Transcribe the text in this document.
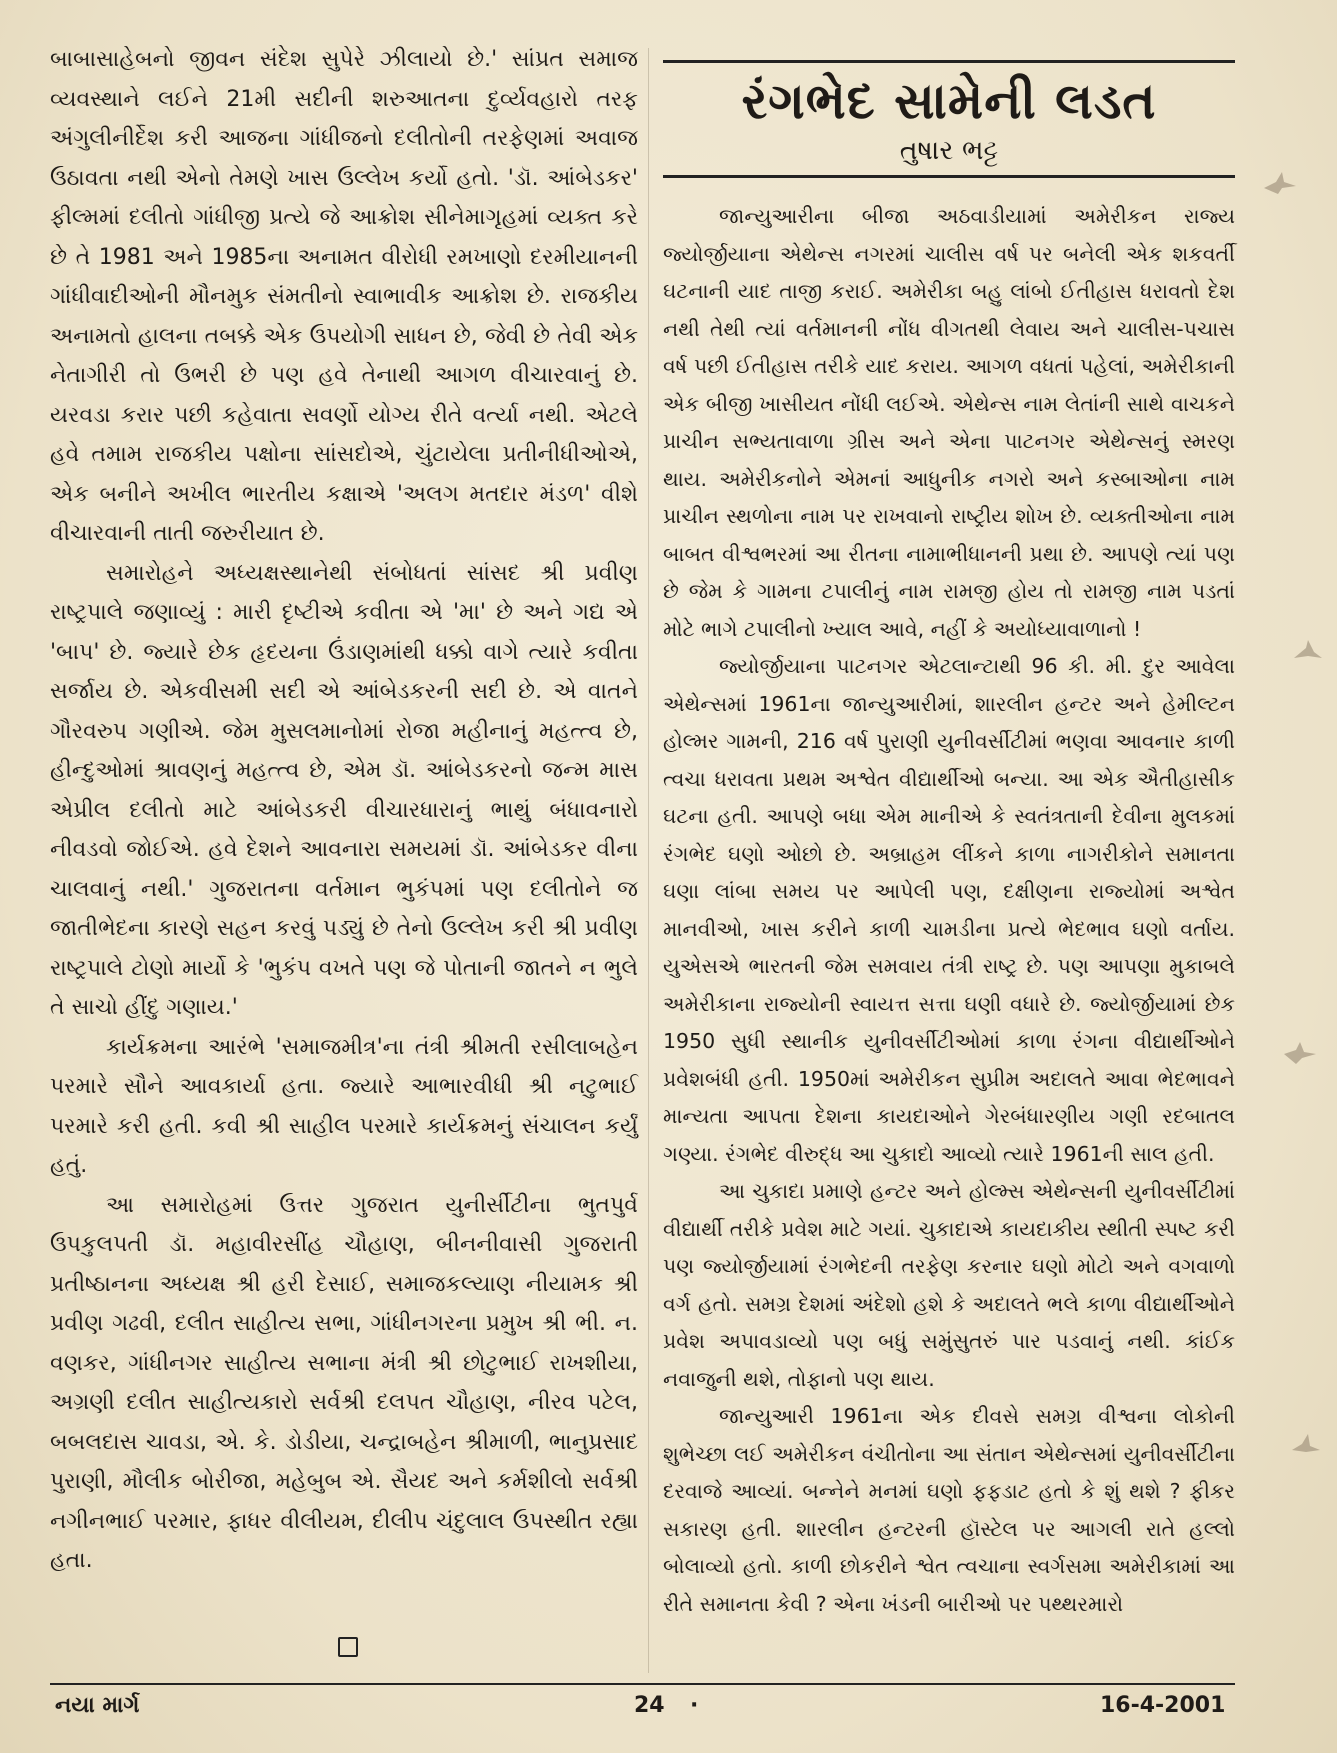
બાબાસાહેબનો જીવન સંદેશ સુપેરે ઝીલાયો છે.' સાંપ્રત સમાજ વ્યવસ્થાને લઈને 21મી સદીની શરુઆતના દુર્વ્યવહારો તરફ અંગુલીનીર્દેશ કરી આજના ગાંધીજનો દલીતોની તરફેણમાં અવાજ ઉઠાવતા નથી એનો તેમણે ખાસ ઉલ્લેખ કર્યો હતો. 'ડૉ. આંબેડકર' ફીલ્મમાં દલીતો ગાંધીજી પ્રત્યે જે આક્રોશ સીનેમાગૃહમાં વ્યક્ત કરે છે તે 1981 અને 1985ના અનામત વીરોધી રમખાણો દરમીયાનની ગાંધીવાદીઓની મૌનમુક સંમતીનો સ્વાભાવીક આક્રોશ છે. રાજકીય અનામતો હાલના તબક્કે એક ઉપયોગી સાધન છે, જેવી છે તેવી એક નેતાગીરી તો ઉભરી છે પણ હવે તેનાથી આગળ વીચારવાનું છે. યરવડા કરાર પછી કહેવાતા સવર્ણો યોગ્ય રીતે વર્ત્યા નથી. એટલે હવે તમામ રાજકીય પક્ષોના સાંસદોએ, ચુંટાયેલા પ્રતીનીધીઓએ, એક બનીને અખીલ ભારતીય કક્ષાએ 'અલગ મતદાર મંડળ' વીશે વીચારવાની તાતી જરુરીયાત છે.

સમારોહને અધ્યક્ષસ્થાનેથી સંબોધતાં સાંસદ શ્રી પ્રવીણ રાષ્ટ્રપાલે જણાવ્યું : મારી દૃષ્ટીએ કવીતા એ 'મા' છે અને ગદ્ય એ 'બાપ' છે. જ્યારે છેક હૃદયના ઉંડાણમાંથી ધક્કો વાગે ત્યારે કવીતા સર્જાય છે. એકવીસમી સદી એ આંબેડકરની સદી છે. એ વાતને ગૌરવરુપ ગણીએ. જેમ મુસલમાનોમાં રોજા મહીનાનું મહત્ત્વ છે, હીન્દુઓમાં શ્રાવણનું મહત્ત્વ છે, એમ ડૉ. આંબેડકરનો જન્મ માસ એપ્રીલ દલીતો માટે આંબેડકરી વીચારધારાનું ભાથું બંધાવનારો નીવડવો જોઈએ. હવે દેશને આવનારા સમયમાં ડૉ. આંબેડકર વીના ચાલવાનું નથી.' ગુજરાતના વર્તમાન ભુકંપમાં પણ દલીતોને જ જાતીભેદના કારણે સહન કરવું પડ્યું છે તેનો ઉલ્લેખ કરી શ્રી પ્રવીણ રાષ્ટ્રપાલે ટોણો માર્યો કે 'ભુકંપ વખતે પણ જે પોતાની જાતને ન ભુલે તે સાચો હીંદુ ગણાય.'

કાર્યક્રમના આરંભે 'સમાજમીત્ર'ના તંત્રી શ્રીમતી રસીલાબહેન પરમારે સૌને આવકાર્યા હતા. જ્યારે આભારવીધી શ્રી નટુભાઈ પરમારે કરી હતી. કવી શ્રી સાહીલ પરમારે કાર્યક્રમનું સંચાલન કર્યું હતું.

આ સમારોહમાં ઉત્તર ગુજરાત યુનીર્સીટીના ભુતપુર્વ ઉપકુલપતી ડૉ. મહાવીરસીંહ ચૌહાણ, બીનનીવાસી ગુજરાતી પ્રતીષ્ઠાનના અધ્યક્ષ શ્રી હરી દેસાઈ, સમાજકલ્યાણ નીયામક શ્રી પ્રવીણ ગઢવી, દલીત સાહીત્ય સભા, ગાંધીનગરના પ્રમુખ શ્રી ભી. ન. વણકર, ગાંધીનગર સાહીત્ય સભાના મંત્રી શ્રી છોટુભાઈ રાખશીયા, અગ્રણી દલીત સાહીત્યકારો સર્વશ્રી દલપત ચૌહાણ, નીરવ પટેલ, બબલદાસ ચાવડા, એ. કે. ડોડીયા, ચન્દ્રાબહેન શ્રીમાળી, ભાનુપ્રસાદ પુરાણી, મૌલીક બોરીજા, મહેબુબ એ. સૈયદ અને કર્મશીલો સર્વશ્રી નગીનભાઈ પરમાર, ફાધર વીલીયમ, દીલીપ ચંદુલાલ ઉપસ્થીત રહ્યા હતા.

રંગભેદ સામેની લડત
તુષાર ભટ્ટ

જાન્યુઆરીના બીજા અઠવાડીયામાં અમેરીકન રાજ્ય જ્યોર્જીયાના એથેન્સ નગરમાં ચાલીસ વર્ષ પર બનેલી એક શકવર્તી ઘટનાની યાદ તાજી કરાઈ. અમેરીકા બહુ લાંબો ઈતીહાસ ધરાવતો દેશ નથી તેથી ત્યાં વર્તમાનની નોંધ વીગતથી લેવાય અને ચાલીસ-પચાસ વર્ષ પછી ઈતીહાસ તરીકે યાદ કરાય. આગળ વધતાં પહેલાં, અમેરીકાની એક બીજી ખાસીયત નોંધી લઈએ. એથેન્સ નામ લેતાંની સાથે વાચકને પ્રાચીન સભ્યતાવાળા ગ્રીસ અને એના પાટનગર એથેન્સનું સ્મરણ થાય. અમેરીકનોને એમનાં આધુનીક નગરો અને કસ્બાઓના નામ પ્રાચીન સ્થળોના નામ પર રાખવાનો રાષ્ટ્રીય શોખ છે. વ્યક્તીઓના નામ બાબત વીશ્વભરમાં આ રીતના નામાભીધાનની પ્રથા છે. આપણે ત્યાં પણ છે જેમ કે ગામના ટપાલીનું નામ રામજી હોય તો રામજી નામ પડતાં મોટે ભાગે ટપાલીનો ખ્યાલ આવે, નહીં કે અયોધ્યાવાળાનો !

જ્યોર્જીયાના પાટનગર એટલાન્ટાથી 96 કી. મી. દુર આવેલા એથેન્સમાં 1961ના જાન્યુઆરીમાં, શારલીન હન્ટર અને હેમીલ્ટન હોલ્મર ગામની, 216 વર્ષ પુરાણી યુનીવર્સીટીમાં ભણવા આવનાર કાળી ત્વચા ધરાવતા પ્રથમ અશ્વેત વીદ્યાર્થીઓ બન્યા. આ એક ઐતીહાસીક ઘટના હતી. આપણે બધા એમ માનીએ કે સ્વતંત્રતાની દેવીના મુલકમાં રંગભેદ ઘણો ઓછો છે. અબ્રાહમ લીંકને કાળા નાગરીકોને સમાનતા ઘણા લાંબા સમય પર આપેલી પણ, દક્ષીણના રાજ્યોમાં અશ્વેત માનવીઓ, ખાસ કરીને કાળી ચામડીના પ્રત્યે ભેદભાવ ઘણો વર્તાય. યુએસએ ભારતની જેમ સમવાય તંત્રી રાષ્ટ્ર છે. પણ આપણા મુકાબલે અમેરીકાના રાજ્યોની સ્વાયત્ત સત્તા ઘણી વધારે છે. જ્યોર્જીયામાં છેક 1950 સુધી સ્થાનીક યુનીવર્સીટીઓમાં કાળા રંગના વીદ્યાર્થીઓને પ્રવેશબંધી હતી. 1950માં અમેરીકન સુપ્રીમ અદાલતે આવા ભેદભાવને માન્યતા આપતા દેશના કાયદાઓને ગેરબંધારણીય ગણી રદબાતલ ગણ્યા. રંગભેદ વીરુદ્ધ આ ચુકાદો આવ્યો ત્યારે 1961ની સાલ હતી.

આ ચુકાદા પ્રમાણે હન્ટર અને હોલ્મ્સ એથેન્સની યુનીવર્સીટીમાં વીદ્યાર્થી તરીકે પ્રવેશ માટે ગયાં. ચુકાદાએ કાયદાકીય સ્થીતી સ્પષ્ટ કરી પણ જ્યોર્જીયામાં રંગભેદની તરફેણ કરનાર ઘણો મોટો અને વગવાળો વર્ગ હતો. સમગ્ર દેશમાં અંદેશો હશે કે અદાલતે ભલે કાળા વીદ્યાર્થીઓને પ્રવેશ અપાવડાવ્યો પણ બધું સમુંસુતરું પાર પડવાનું નથી. કાંઈક નવાજુની થશે, તોફાનો પણ થાય.

જાન્યુઆરી 1961ના એક દીવસે સમગ્ર વીશ્વના લોકોની શુભેચ્છા લઈ અમેરીકન વંચીતોના આ સંતાન એથેન્સમાં યુનીવર્સીટીના દરવાજે આવ્યાં. બન્નેને મનમાં ઘણો ફફડાટ હતો કે શું થશે ? ફીકર સકારણ હતી. શારલીન હન્ટરની હૉસ્ટેલ પર આગલી રાતે હલ્લો બોલાવ્યો હતો. કાળી છોકરીને શ્વેત ત્વચાના સ્વર્ગસમા અમેરીકામાં આ રીતે સમાનતા કેવી ? એના ખંડની બારીઓ પર પથ્થરમારો

નયા માર્ગ	24 ·	16-4-2001
